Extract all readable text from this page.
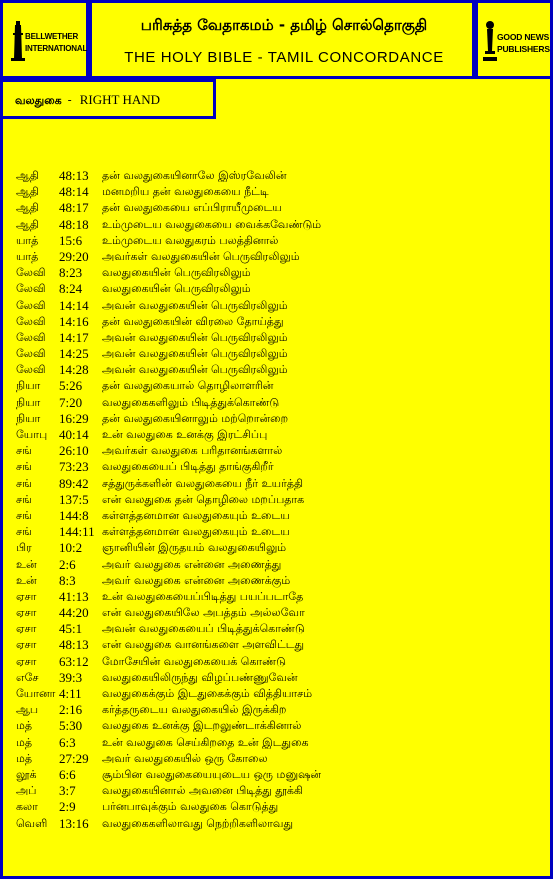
BELLWETHER
INTERNATIONAL
பரிசுத்த வேதாகமம் - தமிழ் சொல்தொகுதி
THE HOLY BIBLE - TAMIL CONCORDANCE
GOOD NEWS
PUBLISHERS
வலதுகை - RIGHT HAND
ஆதி	48:13	தன் வலதுகையினாலே இஸ்ரவேலின்
ஆதி	48:14	மனமறிய தன் வலதுகையை நீட்டி
ஆதி	48:17	தன் வலதுகையை எப்பிராயீமுடைய
ஆதி	48:18	உம்முடைய வலதுகையை வைக்கவேண்டும்
யாத்	15:6	உம்முடைய வலதுகரம் பலத்தினால்
யாத்	29:20	அவர்கள் வலதுகையின் பெருவிரலிலும்
லேவி	8:23	வலதுகையின் பெருவிரலிலும்
லேவி	8:24	வலதுகையின் பெருவிரலிலும்
லேவி	14:14	அவன் வலதுகையின் பெருவிரலிலும்
லேவி	14:16	தன் வலதுகையின் விரலை தோய்த்து
லேவி	14:17	அவன் வலதுகையின் பெருவிரலிலும்
லேவி	14:25	அவன் வலதுகையின் பெருவிரலிலும்
லேவி	14:28	அவன் வலதுகையின் பெருவிரலிலும்
நியா	5:26	தன் வலதுகையால் தொழிலாளரின்
நியா	7:20	வலதுகைகளிலும் பிடித்துக்கொண்டு
நியா	16:29	தன் வலதுகையினாலும் மற்றொன்றை
யோபு 40:14	உன் வலதுகை உனக்கு இரட்சிப்பு
சங்	26:10	அவர்கள் வலதுகை பரிதானங்களால்
சங்	73:23	வலதுகையைப் பிடித்து தாங்குகிறீர்
சங்	89:42	சத்துருக்களின் வலதுகையை நீர் உயர்த்தி
சங்	137:5	என் வலதுகை தன் தொழிலை மறப்பதாக
சங்	144:8	கள்ளத்தனமான வலதுகையும் உடைய
சங்	144:11 கள்ளத்தனமான வலதுகையும் உடைய
பிர	10:2	ஞானியின் இருதயம் வலதுகையிலும்
உன்	2:6	அவர் வலதுகை என்னை அணைத்து
உன்	8:3	அவர் வலதுகை என்னை அணைக்கும்
ஏசா	41:13	உன் வலதுகையைப்பிடித்து பயப்படாதே
ஏசா	44:20	என் வலதுகையிலே அபத்தம் அல்லவோ
ஏசா	45:1	அவன் வலதுகையைப் பிடித்துக்கொண்டு
ஏசா	48:13	என் வலதுகை வானங்களை அளவிட்டது
ஏசா	63:12	மோசேயின் வலதுகையைக் கொண்டு
எசே	39:3	வலதுகையிலிருந்து விழப்பண்ணுவேன்
யோனா 4:11	வலதுகைக்கும் இடதுகைக்கும் வித்தியாசம்
ஆப	2:16	கர்த்தருடைய வலதுகையில் இருக்கிற
மத்	5:30	வலதுகை உனக்கு இடறலுண்டாக்கினால்
மத்	6:3	உன் வலதுகை செய்கிறதை உன் இடதுகை
மத்	27:29	அவர் வலதுகையில் ஒரு கோலை
லூக்	6:6	சூம்பின வலதுகையையுடைய ஒரு மனுஷன்
அப்	3:7	வலதுகையினால் அவனை பிடித்து தூக்கி
கலா	2:9	பர்னபாவுக்கும் வலதுகை கொடுத்து
வெளி 13:16	வலதுகைகளிலாவது நெற்றிகளிலாவது
